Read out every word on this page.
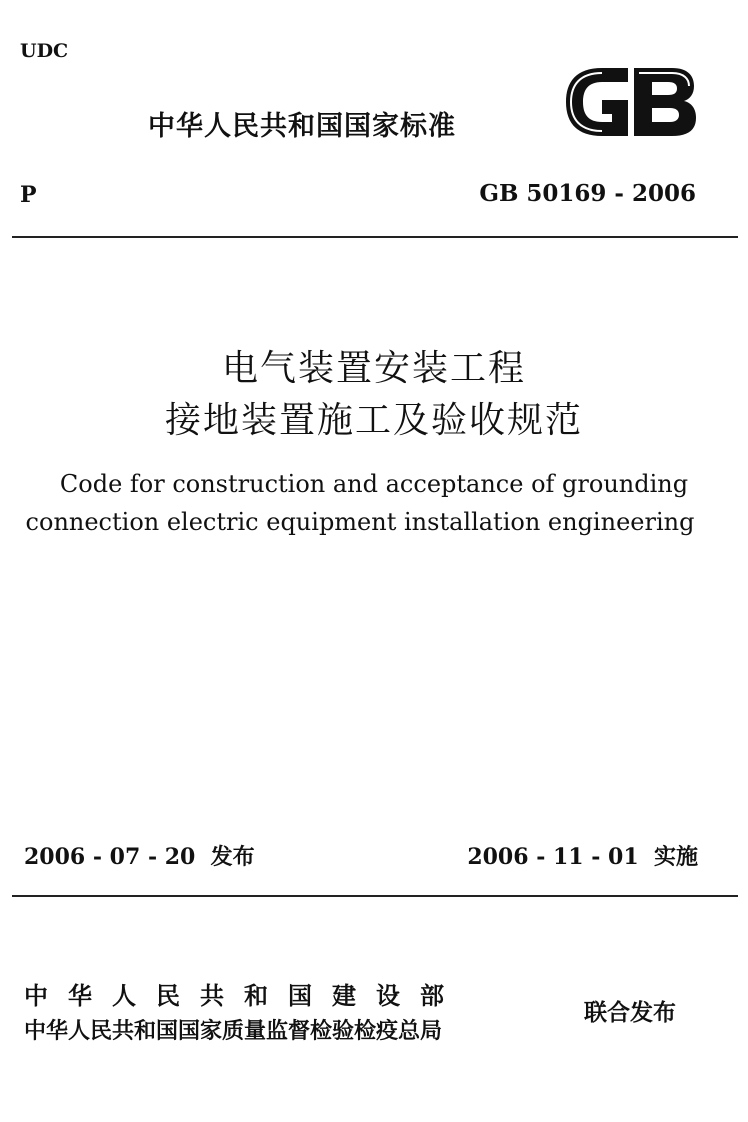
UDC
中华人民共和国国家标准
P	GB 50169 - 2006
电气装置安装工程
接地装置施工及验收规范
Code for construction and acceptance of grounding
connection electric equipment installation engineering
2006 - 07 - 20  发布	2006 - 11 - 01  实施
中华人民共和国建设部
中华人民共和国国家质量监督检验检疫总局
联合发布
